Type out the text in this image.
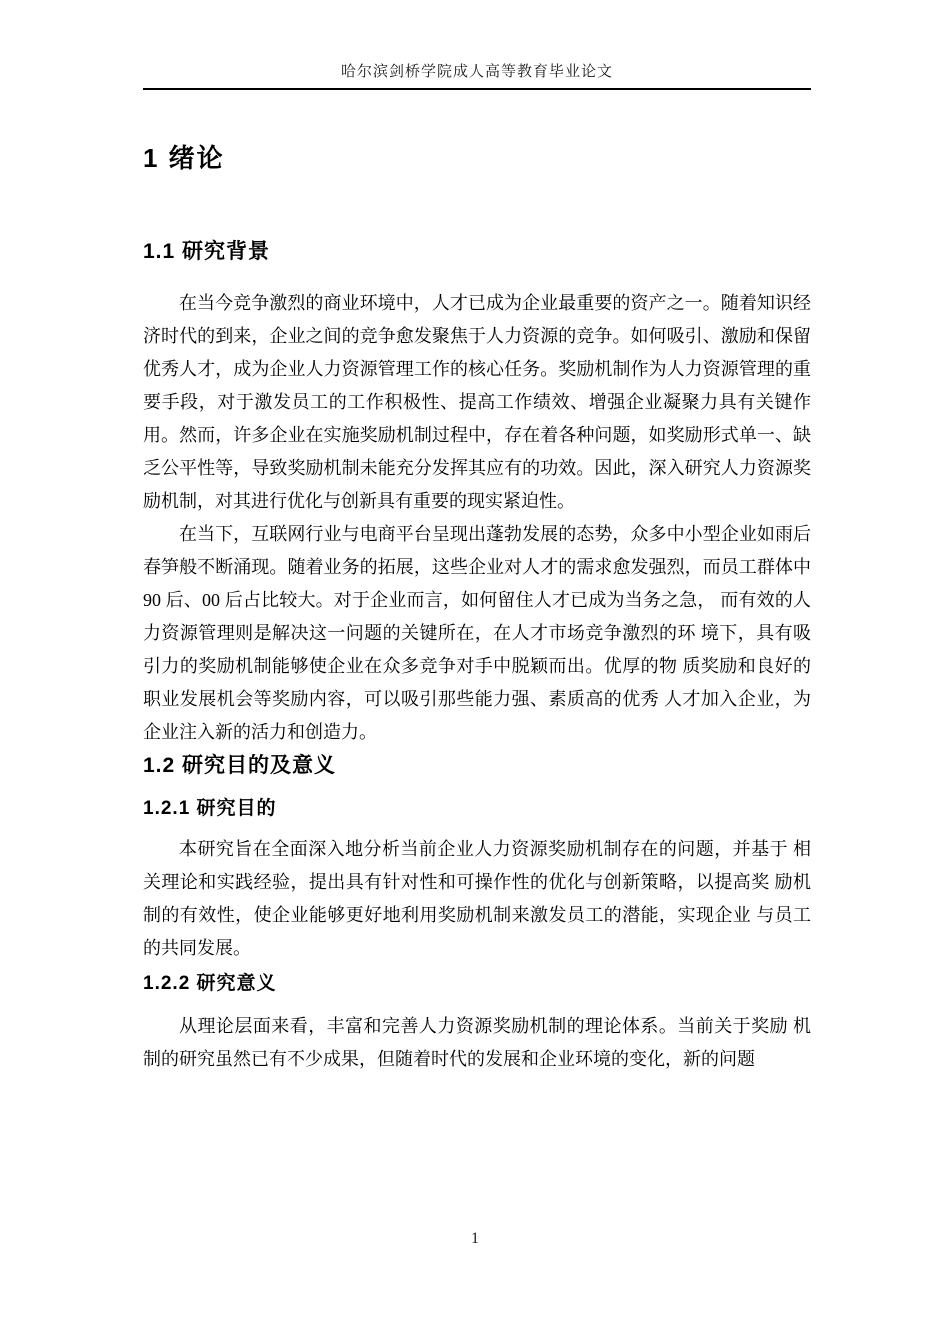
哈尔滨剑桥学院成人高等教育毕业论文
1 绪论
1.1 研究背景

在当今竞争激烈的商业环境中，人才已成为企业最重要的资产之一。随着知识经济时代的到来，企业之间的竞争愈发聚焦于人力资源的竞争。如何吸引、激励和保留优秀人才，成为企业人力资源管理工作的核心任务。奖励机制作为人力资源管理的重要手段，对于激发员工的工作积极性、提高工作绩效、增强企业凝聚力具有关键作用。然而，许多企业在实施奖励机制过程中，存在着各种问题，如奖励形式单一、缺乏公平性等，导致奖励机制未能充分发挥其应有的功效。因此，深入研究人力资源奖励机制，对其进行优化与创新具有重要的现实紧迫性。

在当下，互联网行业与电商平台呈现出蓬勃发展的态势，众多中小型企业如雨后春笋般不断涌现。随着业务的拓展，这些企业对人才的需求愈发强烈，而员工群体中 90 后、00 后占比较大。对于企业而言，如何留住人才已成为当务之急， 而有效的人力资源管理则是解决这一问题的关键所在，在人才市场竞争激烈的环 境下，具有吸引力的奖励机制能够使企业在众多竞争对手中脱颖而出。优厚的物 质奖励和良好的职业发展机会等奖励内容，可以吸引那些能力强、素质高的优秀 人才加入企业，为企业注入新的活力和创造力。

1.2 研究目的及意义
1.2.1 研究目的

本研究旨在全面深入地分析当前企业人力资源奖励机制存在的问题，并基于 相关理论和实践经验，提出具有针对性和可操作性的优化与创新策略，以提高奖 励机制的有效性，使企业能够更好地利用奖励机制来激发员工的潜能，实现企业 与员工的共同发展。

1.2.2 研究意义

从理论层面来看，丰富和完善人力资源奖励机制的理论体系。当前关于奖励 机制的研究虽然已有不少成果，但随着时代的发展和企业环境的变化，新的问题

1
